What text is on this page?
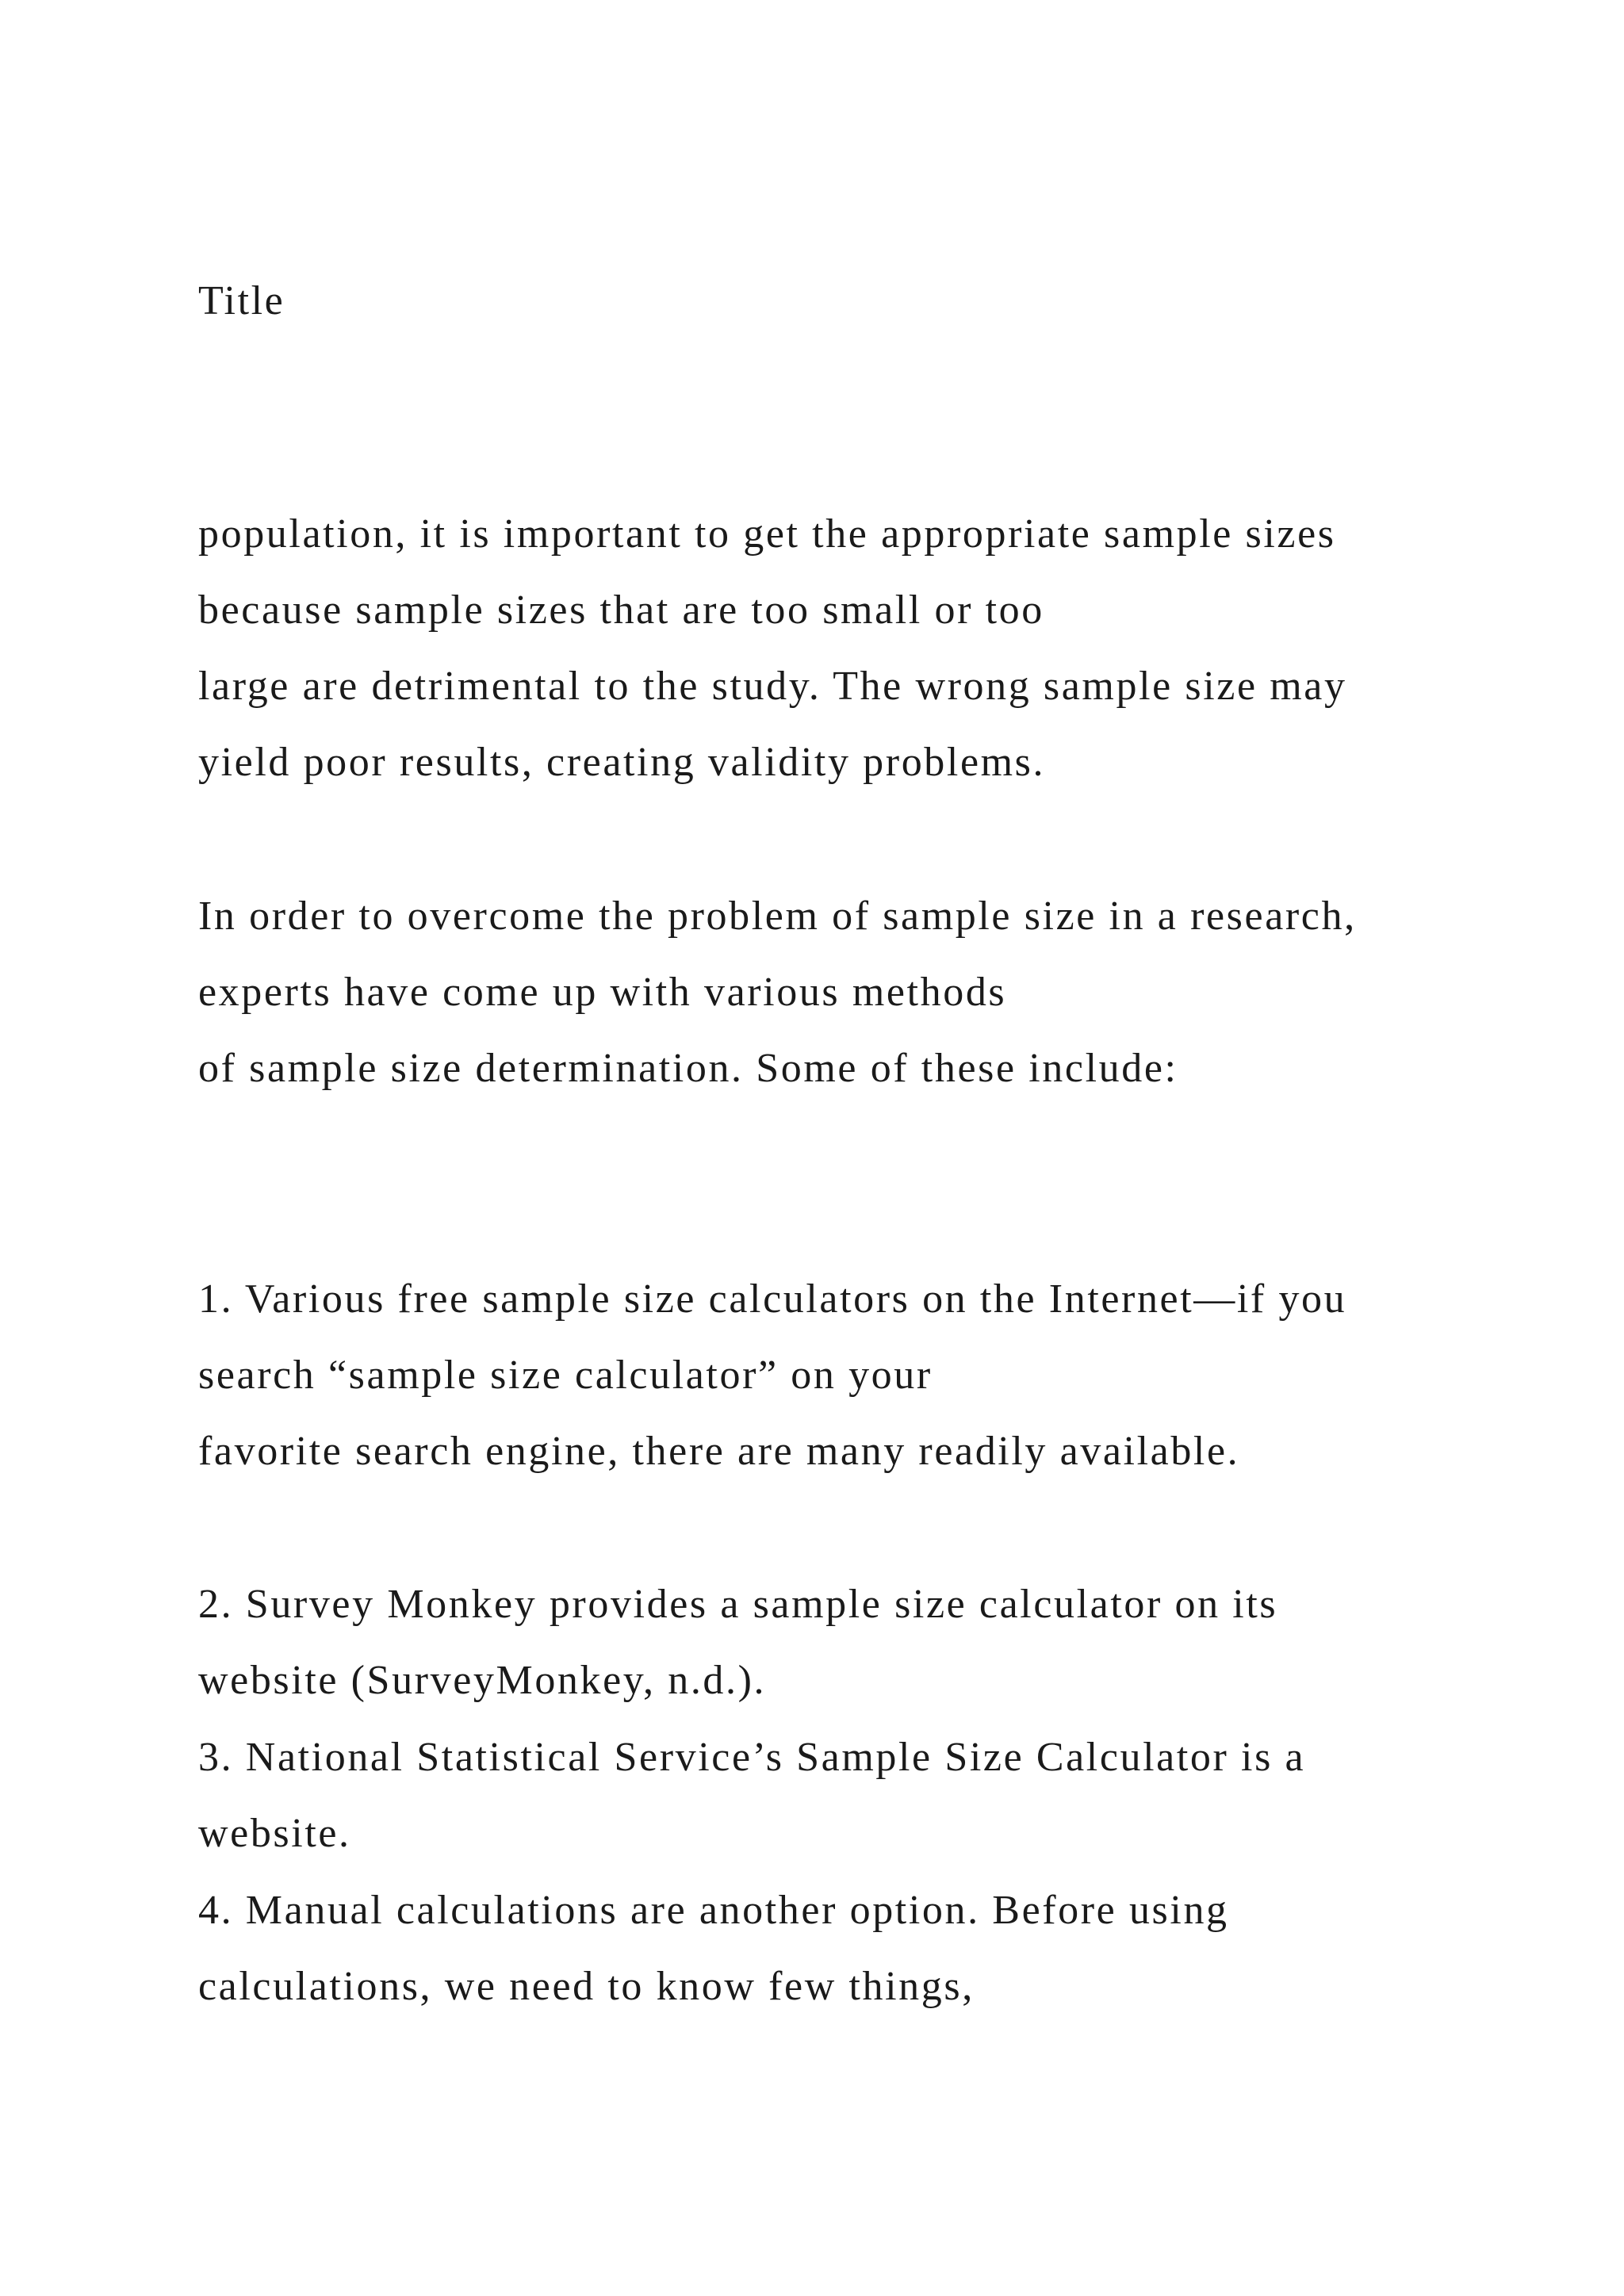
Title

population, it is important to get the appropriate sample sizes

because sample sizes that are too small or too

large are detrimental to the study. The wrong sample size may

yield poor results, creating validity problems.

In order to overcome the problem of sample size in a research,

experts have come up with various methods

of sample size determination. Some of these include:

1. Various free sample size calculators on the Internet—if you

search “sample size calculator” on your

favorite search engine, there are many readily available.

2. Survey Monkey provides a sample size calculator on its

website (SurveyMonkey, n.d.).

3. National Statistical Service’s Sample Size Calculator is a

website.

4. Manual calculations are another option. Before using

calculations, we need to know few things,
